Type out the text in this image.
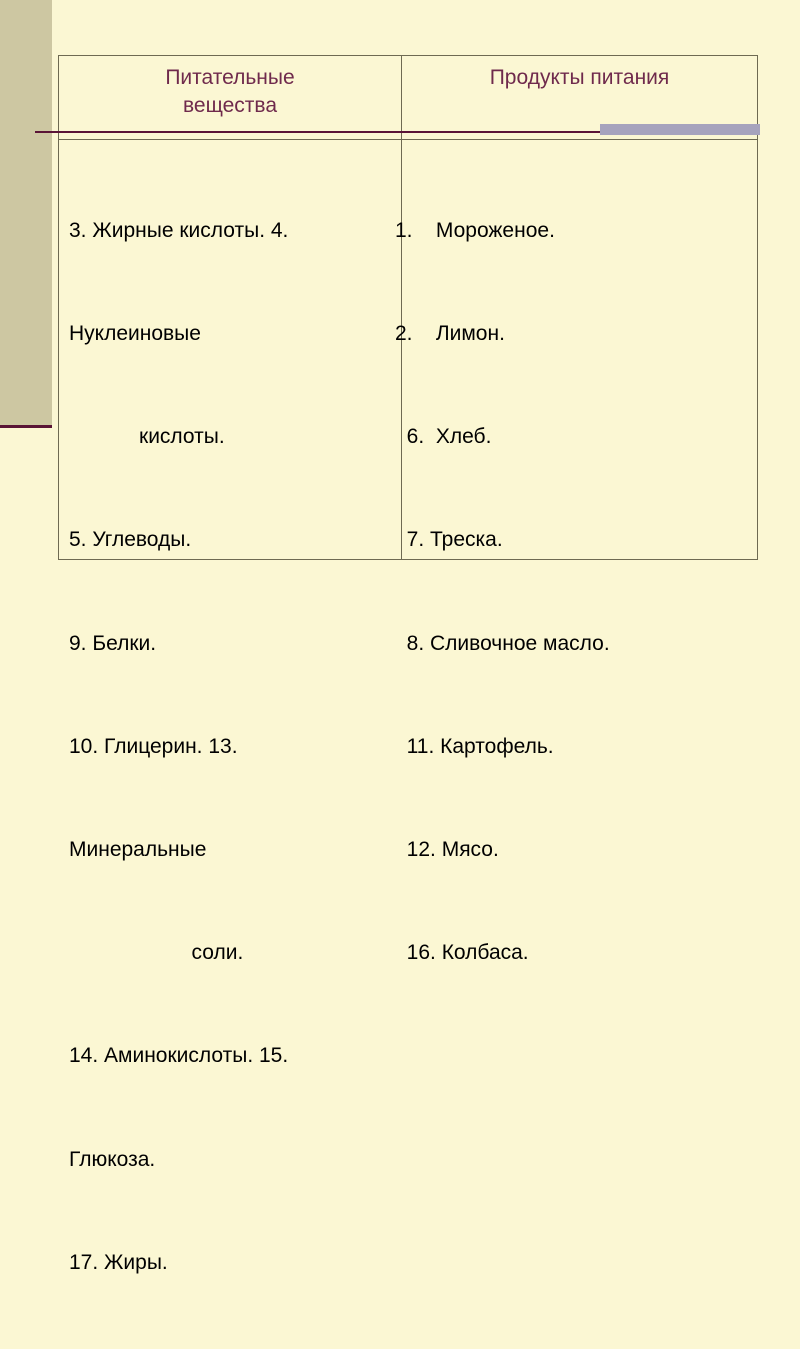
Питательные
вещества
Продукты питания

3. Жирные кислоты. 4.

Нуклеиновые

кислоты.

5. Углеводы.

9. Белки.

10. Глицерин. 13.

Минеральные

соли.

14. Аминокислоты. 15.

Глюкоза.

17. Жиры.

1.    Мороженое.

2.    Лимон.

6.  Хлеб.

7. Треска.

8. Сливочное масло.

11. Картофель.

12. Мясо.

16. Колбаса.
